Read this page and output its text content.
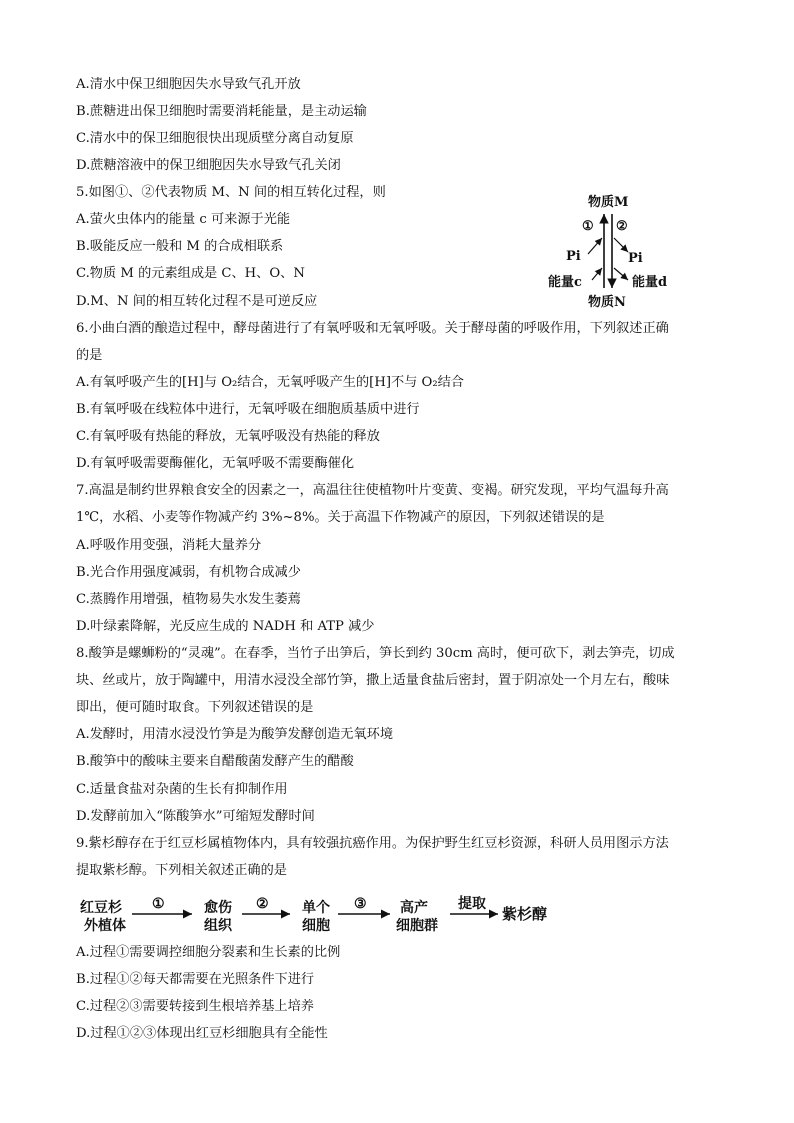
A.清水中保卫细胞因失水导致气孔开放
B.蔗糖进出保卫细胞时需要消耗能量，是主动运输
C.清水中的保卫细胞很快出现质壁分离自动复原
D.蔗糖溶液中的保卫细胞因失水导致气孔关闭
5.如图①、②代表物质 M、N 间的相互转化过程，则
A.萤火虫体内的能量 c 可来源于光能
B.吸能反应一般和 M 的合成相联系
C.物质 M 的元素组成是 C、H、O、N
D.M、N 间的相互转化过程不是可逆反应
6.小曲白酒的酿造过程中，酵母菌进行了有氧呼吸和无氧呼吸。关于酵母菌的呼吸作用，下列叙述正确
的是
A.有氧呼吸产生的[H]与 O₂结合，无氧呼吸产生的[H]不与 O₂结合
B.有氧呼吸在线粒体中进行，无氧呼吸在细胞质基质中进行
C.有氧呼吸有热能的释放，无氧呼吸没有热能的释放
D.有氧呼吸需要酶催化，无氧呼吸不需要酶催化
7.高温是制约世界粮食安全的因素之一，高温往往使植物叶片变黄、变褐。研究发现，平均气温每升高
1℃，水稻、小麦等作物减产约 3%~8%。关于高温下作物减产的原因，下列叙述错误的是
A.呼吸作用变强，消耗大量养分
B.光合作用强度减弱，有机物合成减少
C.蒸腾作用增强，植物易失水发生萎蔫
D.叶绿素降解，光反应生成的 NADH 和 ATP 减少
8.酸笋是螺蛳粉的“灵魂”。在春季，当竹子出笋后，笋长到约 30cm 高时，便可砍下，剥去笋壳，切成
块、丝或片，放于陶罐中，用清水浸没全部竹笋，撒上适量食盐后密封，置于阴凉处一个月左右，酸味
即出，便可随时取食。下列叙述错误的是
A.发酵时，用清水浸没竹笋是为酸笋发酵创造无氧环境
B.酸笋中的酸味主要来自醋酸菌发酵产生的醋酸
C.适量食盐对杂菌的生长有抑制作用
D.发酵前加入“陈酸笋水”可缩短发酵时间
9.紫杉醇存在于红豆杉属植物体内，具有较强抗癌作用。为保护野生红豆杉资源，科研人员用图示方法
提取紫杉醇。下列相关叙述正确的是
A.过程①需要调控细胞分裂素和生长素的比例
B.过程①②每天都需要在光照条件下进行
C.过程②③需要转接到生根培养基上培养
D.过程①②③体现出红豆杉细胞具有全能性
物质M
物质N
① ②
Pi	Pi
能量c	能量d
红豆杉
外植体
①	愈伤
组织
② 单个
细胞
③ 高产
细胞群
提取
紫杉醇
